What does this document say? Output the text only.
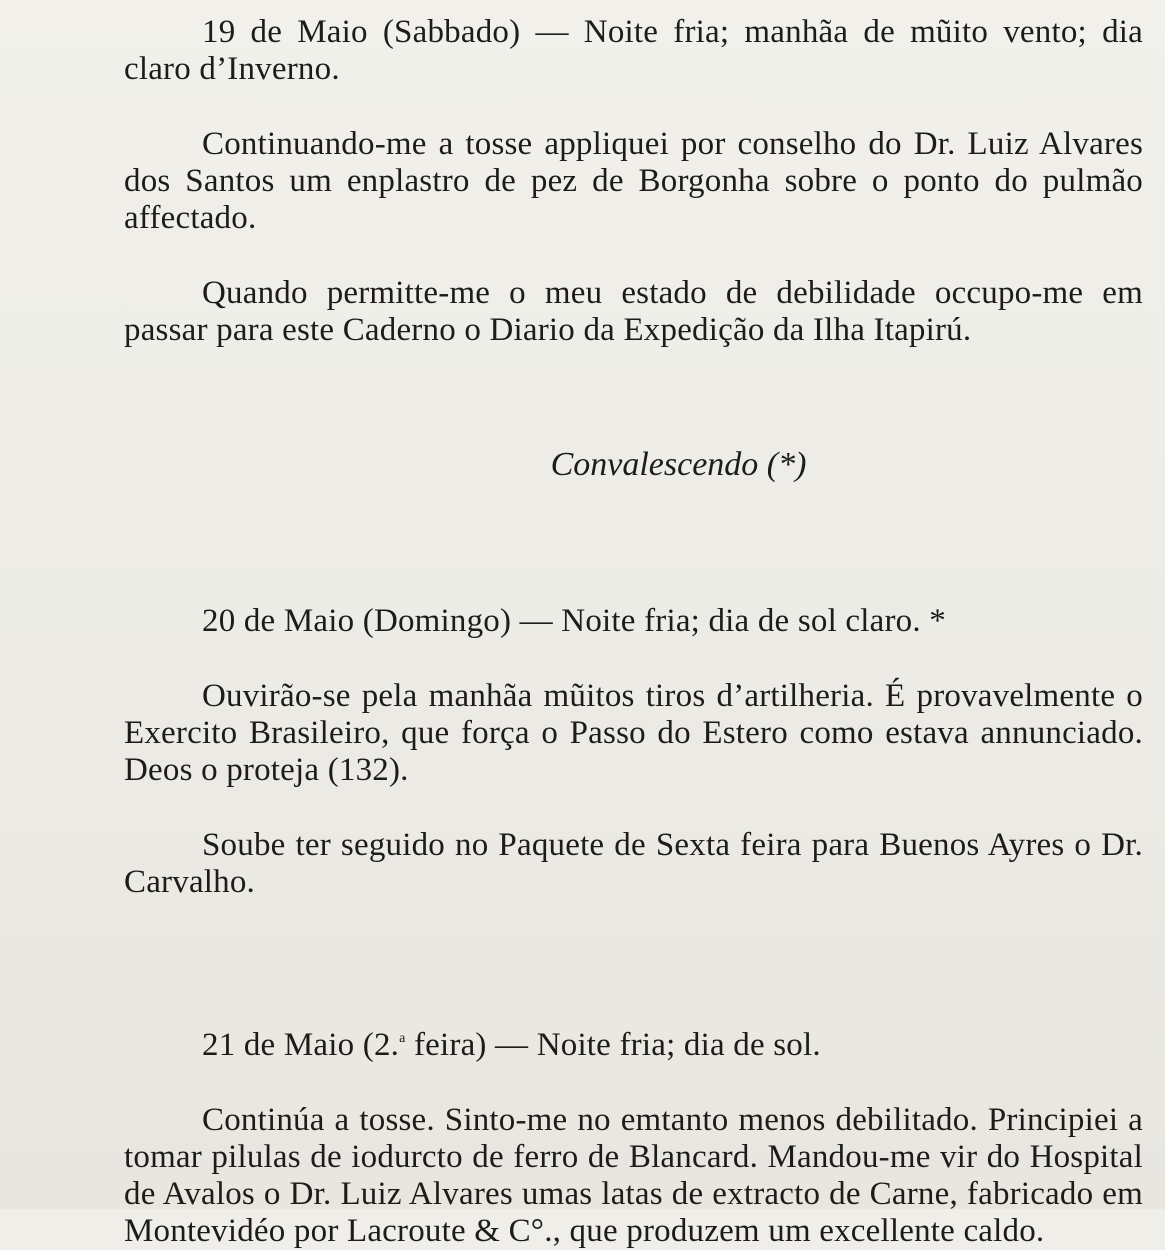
19 de Maio (Sabbado) — Noite fria; manhãa de mũito vento; dia claro d’Inverno.

Continuando-me a tosse appliquei por conselho do Dr. Luiz Alvares dos Santos um enplastro de pez de Borgonha sobre o ponto do pulmão affectado.

Quando permitte-me o meu estado de debilidade occupo-me em passar para este Caderno o Diario da Expedição da Ilha Itapirú.

Convalescendo (*)

20 de Maio (Domingo) — Noite fria; dia de sol claro. *

Ouvirão-se pela manhãa mũitos tiros d’artilheria. É provavelmente o Exercito Brasileiro, que força o Passo do Estero como estava annunciado. Deos o proteja (132).

Soube ter seguido no Paquete de Sexta feira para Buenos Ayres o Dr. Carvalho.

21 de Maio (2.$^a$ feira) — Noite fria; dia de sol.

Continúa a tosse. Sinto-me no emtanto menos debilitado. Principiei a tomar pilulas de iodurcto de ferro de Blancard. Mandou-me vir do Hospital de Avalos o Dr. Luiz Alvares umas latas de extracto de Carne, fabricado em Montevidéo por Lacroute & C°., que produzem um excellente caldo.
